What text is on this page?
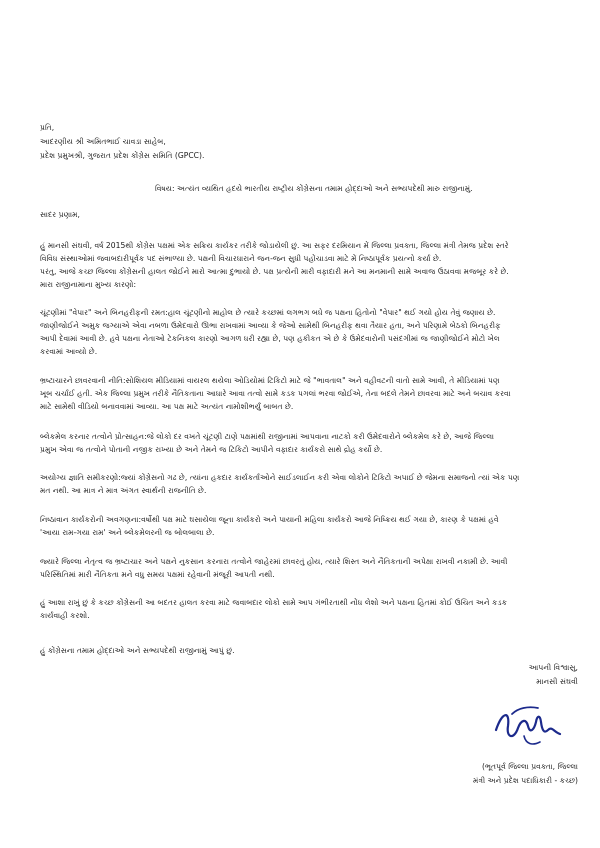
પ્રતિ,
આદરણીય શ્રી અમિતભાઈ ચાવડા સાહેબ,
પ્રદેશ પ્રમુખશ્રી, ગુજરાત પ્રદેશ કોંગ્રેસ સમિતિ (GPCC).
વિષય: અત્યંત વ્યથિત હૃદયે ભારતીય રાષ્ટ્રીય કોંગ્રેસના તમામ હોદ્દાઓ અને સભ્યપદેથી મારુ રાજીનામું.
સાદર પ્રણામ,
હું માનસી સંઘવી, વર્ષ 2015થી કોંગ્રેસ પક્ષમાં એક સક્રિય કાર્યકર તરીકે જોડાયેલી છું. આ સફર દરમિયાન મેં જિલ્લા પ્રવક્તા, જિલ્લા મંત્રી તેમજ પ્રદેશ સ્તરે
વિવિધ સંસ્થાઓમાં જવાબદારીપૂર્વક પદ સંભાળ્યા છે. પક્ષની વિચારધારાને જન-જન સુધી પહોંચાડવા માટે મેં નિષ્ઠાપૂર્વક પ્રયત્નો કર્યા છે.
પરંતુ, આજે કચ્છ જિલ્લા કોંગ્રેસની હાલત જોઈને મારો આત્મા દુભાયો છે. પક્ષ પ્રત્યેની મારી વફાદારી મને આ મનમાની સામે અવાજ ઉઠાવવા મજબૂર કરે છે.
મારા રાજીનામાના મુખ્ય કારણો:
ચૂંટણીમાં "વેપાર" અને બિનહરીફની રમત:હાલ ચૂંટણીનો માહોલ છે ત્યારે કચ્છમાં લગભગ બધે જ પક્ષના હિતોનો "વેપાર" થઈ ગયો હોય તેવું જણાય છે.
જાણીજોઈને અમુક જગ્યાએ એવા નબળા ઉમેદવારો ઊભા રાખવામાં આવ્યા કે જેઓ સામેથી બિનહરીફ થવા તૈયાર હતા, અને પરિણામે બેઠકો બિનહરીફ
આપી દેવામાં આવી છે. હવે પક્ષના નેતાઓ ટેકનિકલ કારણો આગળ ધરી રહ્યા છે, પણ હકીકત એ છે કે ઉમેદવારોની પસંદગીમાં જ જાણીજોઈને મોટો ખેલ
કરવામાં આવ્યો છે.
ભ્રષ્ટાચારને છાવરવાની નીતિ:સોશિયલ મીડિયામાં વાયરલ થયેલા ઓડિયોમાં ટિકિટો માટે જે "ભાવતાલ" અને વહીવટની વાતો સામે આવી, તે મીડિયામાં પણ
ખૂબ ચર્ચાઈ હતી. એક જિલ્લા પ્રમુખ તરીકે નૈતિકતાના આધારે આવા તત્વો સામે કડક પગલાં ભરવા જોઈએ, તેના બદલે તેમને છાવરવા માટે અને બચાવ કરવા
માટે સામેથી વીડિયો બનાવવામાં આવ્યા. આ પક્ષ માટે અત્યંત નામોશીભર્યું બાબત છે.
બ્લેકમેલ કરનાર તત્વોને પ્રોત્સાહન:જે લોકો દર વખતે ચૂંટણી ટાણે પક્ષમાંથી રાજીનામાં આપવાના નાટકો કરી ઉમેદવારોને બ્લેકમેલ કરે છે, આજે જિલ્લા
પ્રમુખ એવા જ તત્વોને પોતાની નજીક રાખ્યા છે અને તેમને જ ટિકિટો આપીને વફાદાર કાર્યકરો સાથે દ્રોહ કર્યો છે.
અયોગ્ય જ્ઞાતિ સમીકરણો:જ્યાં કોંગ્રેસનો ગઢ છે, ત્યાંના હકદાર કાર્યકર્તાઓને સાઈડલાઈન કરી એવા લોકોને ટિકિટો અપાઈ છે જેમના સમાજનો ત્યાં એક પણ
મત નથી. આ માત્ર ને માત્ર અંગત સ્વાર્થની રાજનીતિ છે.
નિષ્ઠાવાન કાર્યકરોની અવગણના:વર્ષોથી પક્ષ માટે ઘસાયેલા જૂના કાર્યકરો અને પાયાની મહિલા કાર્યકરો આજે નિષ્ક્રિય થઈ ગયા છે, કારણ કે પક્ષમાં હવે
'આયા રામ-ગયા રામ' અને બ્લેકમેલરની જ બોલબાલા છે.
જ્યારે જિલ્લા નેતૃત્વ જ ભ્રષ્ટાચાર અને પક્ષને નુકસાન કરનારા તત્વોને જાહેરમાં છાવરતું હોય, ત્યારે શિસ્ત અને નૈતિકતાની અપેક્ષા રાખવી નકામી છે. આવી
પરિસ્થિતિમાં મારી નૈતિકતા મને વધુ સમય પક્ષમાં રહેવાની મંજૂરી આપતી નથી.
હું આશા રાખું છું કે કચ્છ કોંગ્રેસની આ બદતર હાલત કરવા માટે જવાબદાર લોકો સામે આપ ગંભીરતાથી નોંધ લેશો અને પક્ષના હિતમાં કોઈ ઉચિત અને કડક
કાર્યવાહી કરશો.
હું કોંગ્રેસના તમામ હોદ્દાઓ અને સભ્યપદેથી રાજીનામું આપું છું.
આપની વિશ્વાસુ,
માનસી સંઘવી
(ભૂતપૂર્વ જિલ્લા પ્રવક્તા, જિલ્લા
મંત્રી અને પ્રદેશ પદાધિકારી - કચ્છ)
